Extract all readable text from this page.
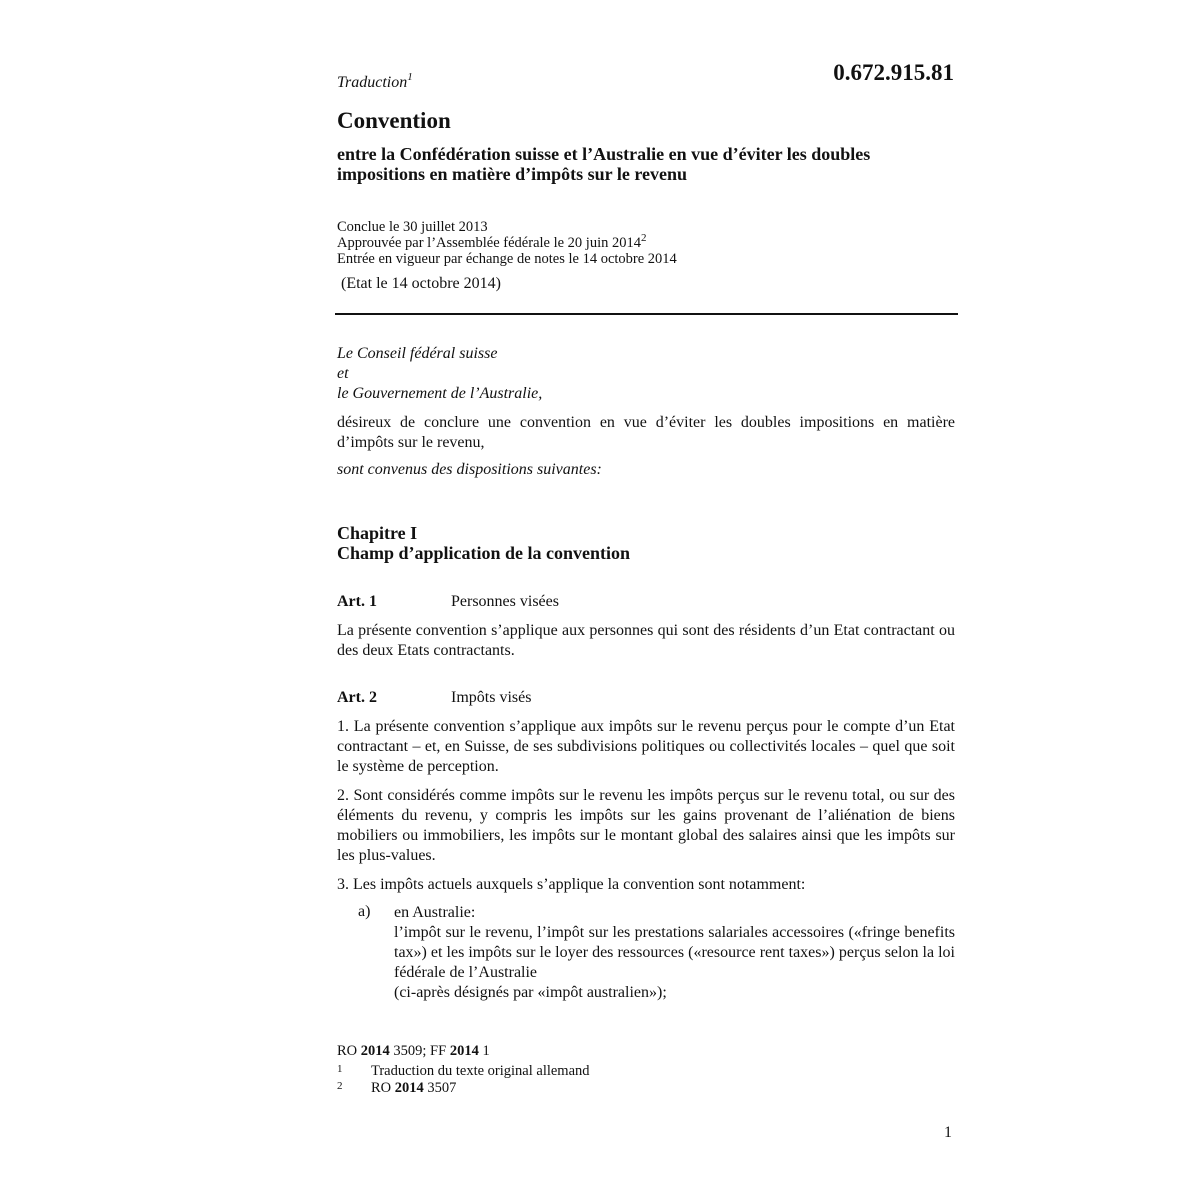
0.672.915.81
Traduction$^1$
Convention
entre la Confédération suisse et l’Australie en vue d’éviter les doubles impositions en matière d’impôts sur le revenu
Conclue le 30 juillet 2013
Approuvée par l’Assemblée fédérale le 20 juin 2014$^2$
Entrée en vigueur par échange de notes le 14 octobre 2014
(Etat le 14 octobre 2014)
Le Conseil fédéral suisse
et
le Gouvernement de l’Australie,
désireux de conclure une convention en vue d’éviter les doubles impositions en matière d’impôts sur le revenu,
sont convenus des dispositions suivantes:
Chapitre I
Champ d’application de la convention
Art. 1	Personnes visées
La présente convention s’applique aux personnes qui sont des résidents d’un Etat contractant ou des deux Etats contractants.
Art. 2	Impôts visés
1. La présente convention s’applique aux impôts sur le revenu perçus pour le compte d’un Etat contractant – et, en Suisse, de ses subdivisions politiques ou collectivités locales – quel que soit le système de perception.
2. Sont considérés comme impôts sur le revenu les impôts perçus sur le revenu total, ou sur des éléments du revenu, y compris les impôts sur les gains provenant de l’aliénation de biens mobiliers ou immobiliers, les impôts sur le montant global des salaires ainsi que les impôts sur les plus-values.
3. Les impôts actuels auxquels s’applique la convention sont notamment:
a) en Australie:
l’impôt sur le revenu, l’impôt sur les prestations salariales accessoires («fringe benefits tax») et les impôts sur le loyer des ressources («resource rent taxes») perçus selon la loi fédérale de l’Australie
(ci-après désignés par «impôt australien»);
RO 2014 3509; FF 2014 1
1 Traduction du texte original allemand
2 RO 2014 3507
1
